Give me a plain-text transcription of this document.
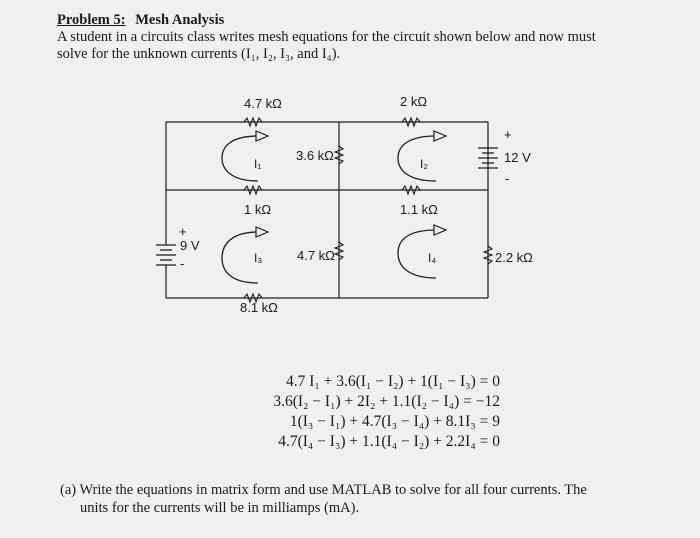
Problem 5: Mesh Analysis
A student in a circuits class writes mesh equations for the circuit shown below and now must
solve for the unknown currents (I₁, I₂, I₃, and I₄).
4.7 kΩ	2 kΩ
3.6 kΩ
1 kΩ	1.1 kΩ
4.7 kΩ	2.2 kΩ
8.1 kΩ
+
9 V
-
+
12 V
-
I₁	I₂
I₃	I₄
4.7 I₁ + 3.6(I₁ − I₂) + 1(I₁ − I₃) = 0
3.6(I₂ − I₁) + 2I₂ + 1.1(I₂ − I₄) = −12
1(I₃ − I₁) + 4.7(I₃ − I₄) + 8.1I₃ = 9
4.7(I₄ − I₃) + 1.1(I₄ − I₂) + 2.2I₄ = 0
(a) Write the equations in matrix form and use MATLAB to solve for all four currents. The
units for the currents will be in milliamps (mA).
